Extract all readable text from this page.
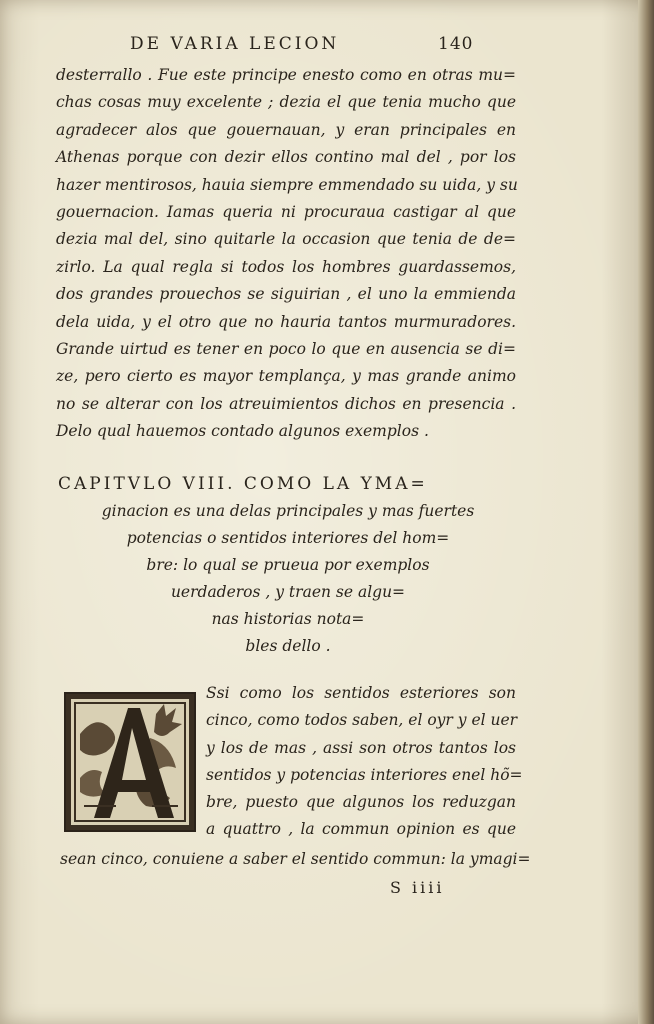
DE VARIA LECION	140
desterrallo . Fue este principe enesto como en otras mu=
chas cosas muy excelente ; dezia el que tenia mucho que
agradecer alos que gouernauan, y eran principales en
Athenas porque con dezir ellos contino mal del , por los
hazer mentirosos, hauia siempre emmendado su uida, y su
gouernacion. Iamas queria ni procuraua castigar al que
dezia mal del, sino quitarle la occasion que tenia de de=
zirlo. La qual regla si todos los hombres guardassemos,
dos grandes prouechos se siguirian , el uno la emmienda
dela uida, y el otro que no hauria tantos murmuradores.
Grande uirtud es tener en poco lo que en ausencia se di=
ze, pero cierto es mayor templança, y mas grande animo
no se alterar con los atreuimientos dichos en presencia .
Delo qual hauemos contado algunos exemplos .
CAPITVLO VIII. COMO LA YMA=
ginacion es una delas principales y mas fuertes
potencias o sentidos interiores del hom=
bre: lo qual se prueua por exemplos
uerdaderos , y traen se algu=
nas historias nota=
bles dello .
Ssi como los sentidos esteriores son
cinco, como todos saben, el oyr y el uer
y los de mas , assi son otros tantos los
sentidos y potencias interiores enel hõ=
bre, puesto que algunos los reduzgan
a quattro , la commun opinion es que
sean cinco, conuiene a saber el sentido commun: la ymagi=
S iiii
